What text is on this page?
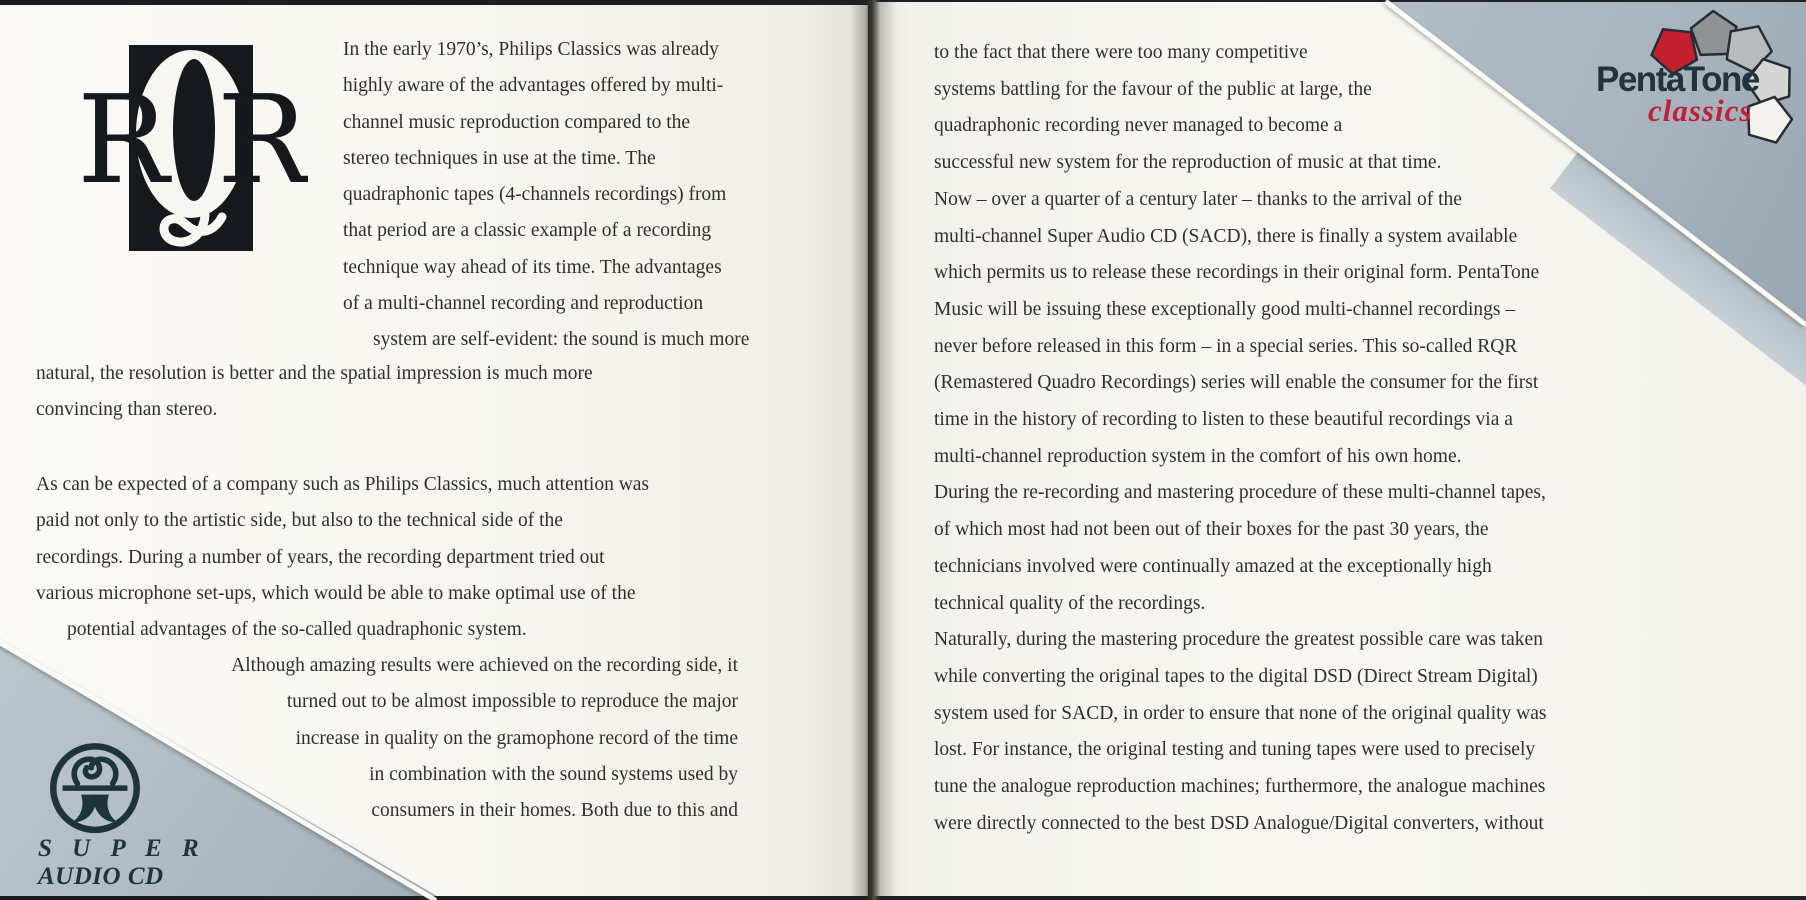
R R
In the early 1970’s, Philips Classics was already
highly aware of the advantages offered by multi-
channel music reproduction compared to the
stereo techniques in use at the time. The
quadraphonic tapes (4-channels recordings) from
that period are a classic example of a recording
technique way ahead of its time. The advantages
of a multi-channel recording and reproduction
system are self-evident: the sound is much more
natural, the resolution is better and the spatial impression is much more
convincing than stereo.
As can be expected of a company such as Philips Classics, much attention was
paid not only to the artistic side, but also to the technical side of the
recordings. During a number of years, the recording department tried out
various microphone set-ups, which would be able to make optimal use of the
potential advantages of the so-called quadraphonic system.
Although amazing results were achieved on the recording side, it
turned out to be almost impossible to reproduce the major
increase in quality on the gramophone record of the time
in combination with the sound systems used by
consumers in their homes. Both due to this and
S U P E R
AUDIO CD
PentaTone
classics
to the fact that there were too many competitive
systems battling for the favour of the public at large, the
quadraphonic recording never managed to become a
successful new system for the reproduction of music at that time.
Now – over a quarter of a century later – thanks to the arrival of the
multi-channel Super Audio CD (SACD), there is finally a system available
which permits us to release these recordings in their original form. PentaTone
Music will be issuing these exceptionally good multi-channel recordings –
never before released in this form – in a special series. This so-called RQR
(Remastered Quadro Recordings) series will enable the consumer for the first
time in the history of recording to listen to these beautiful recordings via a
multi-channel reproduction system in the comfort of his own home.
During the re-recording and mastering procedure of these multi-channel tapes,
of which most had not been out of their boxes for the past 30 years, the
technicians involved were continually amazed at the exceptionally high
technical quality of the recordings.
Naturally, during the mastering procedure the greatest possible care was taken
while converting the original tapes to the digital DSD (Direct Stream Digital)
system used for SACD, in order to ensure that none of the original quality was
lost. For instance, the original testing and tuning tapes were used to precisely
tune the analogue reproduction machines; furthermore, the analogue machines
were directly connected to the best DSD Analogue/Digital converters, without
